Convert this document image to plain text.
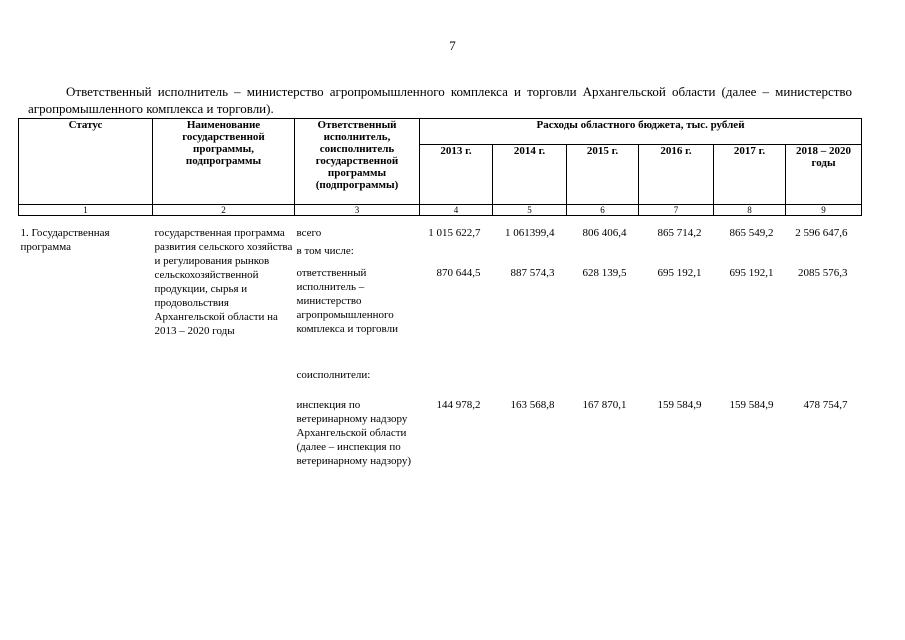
7

Ответственный исполнитель – министерство агропромышленного комплекса и торговли Архангельской области (далее – министерство агропромышленного комплекса и торговли).

Статус	Наименование государственной программы, подпрограммы	Ответственный исполнитель, соисполнитель государственной программы (подпрограммы)	Расходы областного бюджета, тыс. рублей					
			2013 г.	2014 г.	2015 г.	2016 г.	2017 г.	2018 – 2020 годы
1	2	3	4	5	6	7	8	9
1. Государственная программа	государственная программа развития сельского хозяйства и регулирования рынков сельскохозяйственной продукции, сырья и продовольствия Архангельской области на 2013 – 2020 годы	всего	1 015 622,7	1 061399,4	806 406,4	865 714,2	865 549,2	2 596 647,6
		в том числе:						
		ответственный исполнитель – министерство агропромышленного комплекса и торговли	870 644,5	887 574,3	628 139,5	695 192,1	695 192,1	2085 576,3
		соисполнители:						
		инспекция по ветеринарному надзору Архангельской области (далее – инспекция по ветеринарному надзору)	144 978,2	163 568,8	167 870,1	159 584,9	159 584,9	478 754,7
